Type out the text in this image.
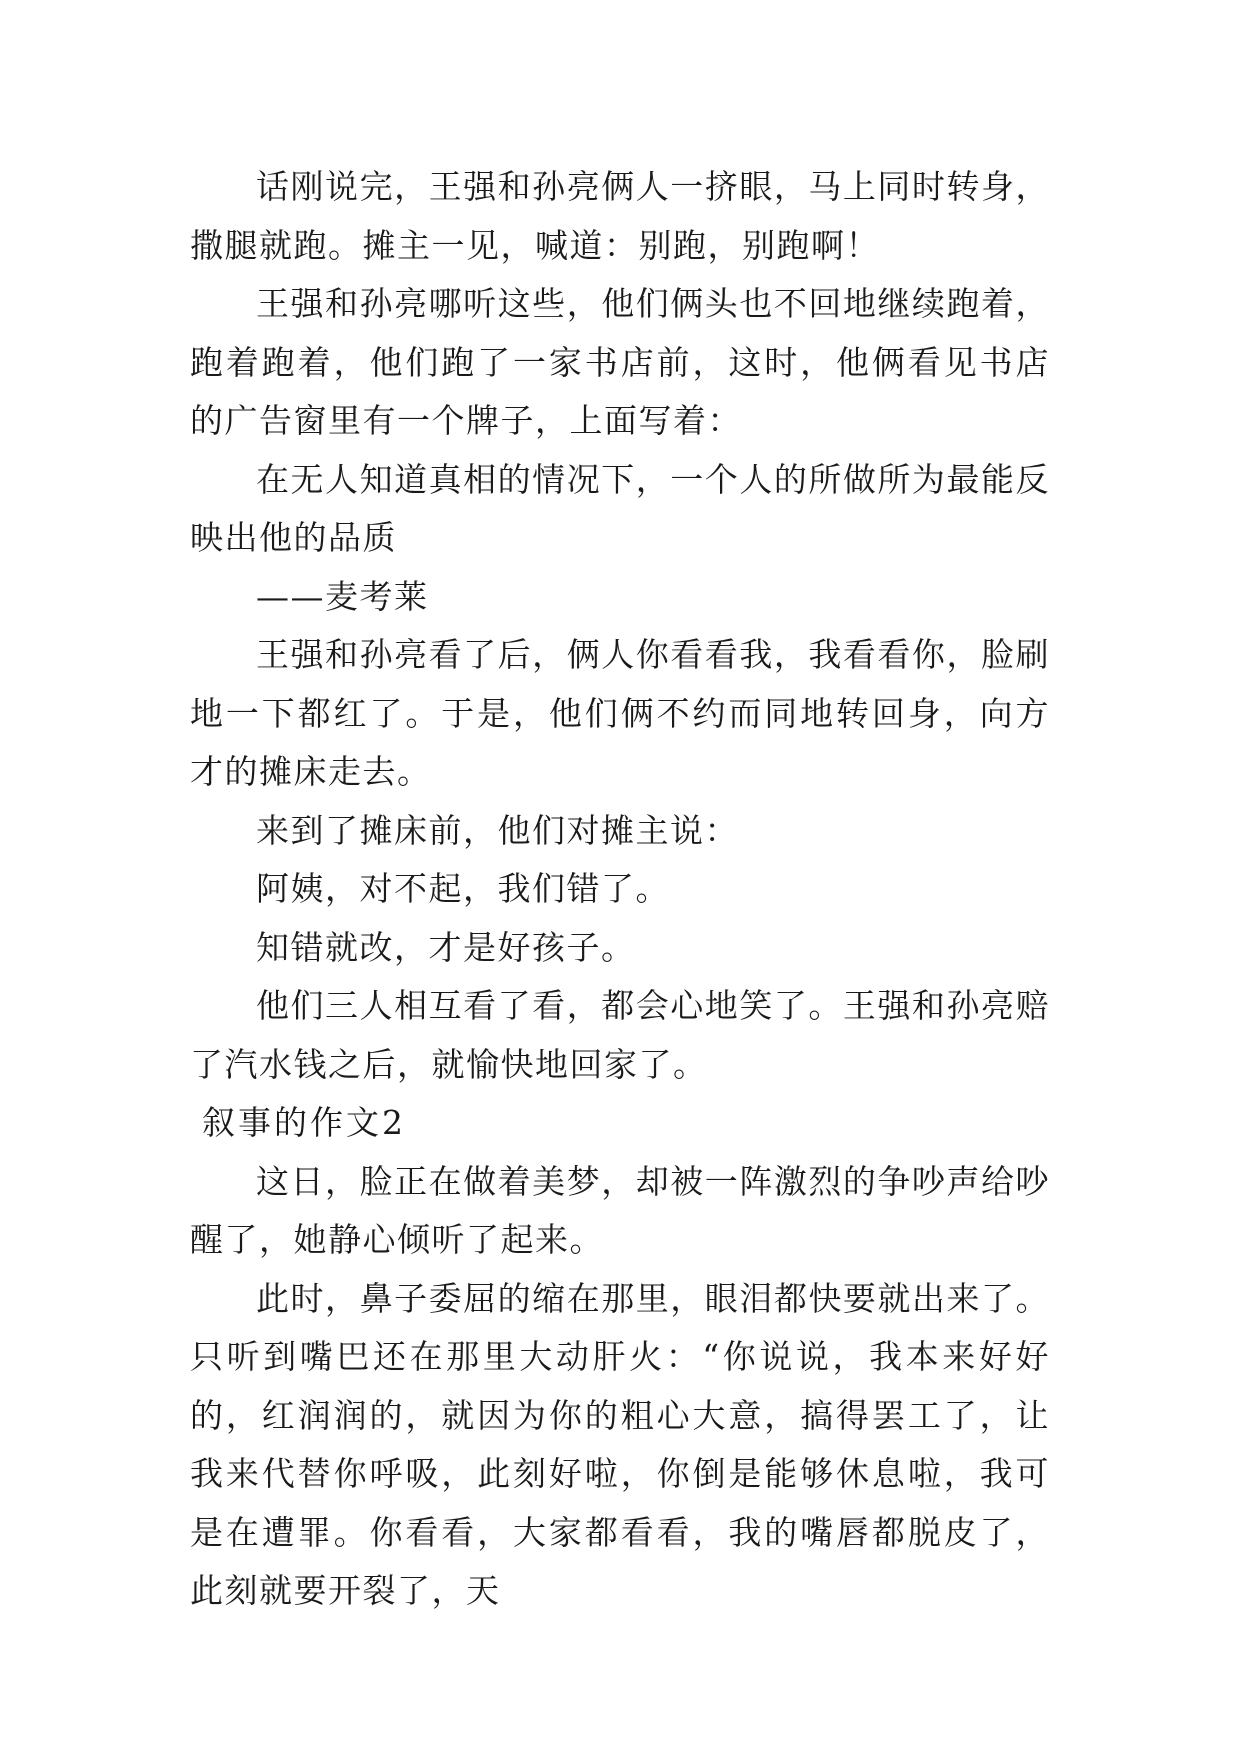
话刚说完，王强和孙亮俩人一挤眼，马上同时转身，撒腿就跑。摊主一见，喊道：别跑，别跑啊！

王强和孙亮哪听这些，他们俩头也不回地继续跑着，跑着跑着，他们跑了一家书店前，这时，他俩看见书店的广告窗里有一个牌子，上面写着：

在无人知道真相的情况下，一个人的所做所为最能反映出他的品质

——麦考莱

王强和孙亮看了后，俩人你看看我，我看看你，脸刷地一下都红了。于是，他们俩不约而同地转回身，向方才的摊床走去。

来到了摊床前，他们对摊主说：

阿姨，对不起，我们错了。

知错就改，才是好孩子。

他们三人相互看了看，都会心地笑了。王强和孙亮赔了汽水钱之后，就愉快地回家了。

叙事的作文2

这日，脸正在做着美梦，却被一阵激烈的争吵声给吵醒了，她静心倾听了起来。

此时，鼻子委屈的缩在那里，眼泪都快要就出来了。只听到嘴巴还在那里大动肝火：“你说说，我本来好好的，红润润的，就因为你的粗心大意，搞得罢工了，让我来代替你呼吸，此刻好啦，你倒是能够休息啦，我可是在遭罪。你看看，大家都看看，我的嘴唇都脱皮了，此刻就要开裂了，天
